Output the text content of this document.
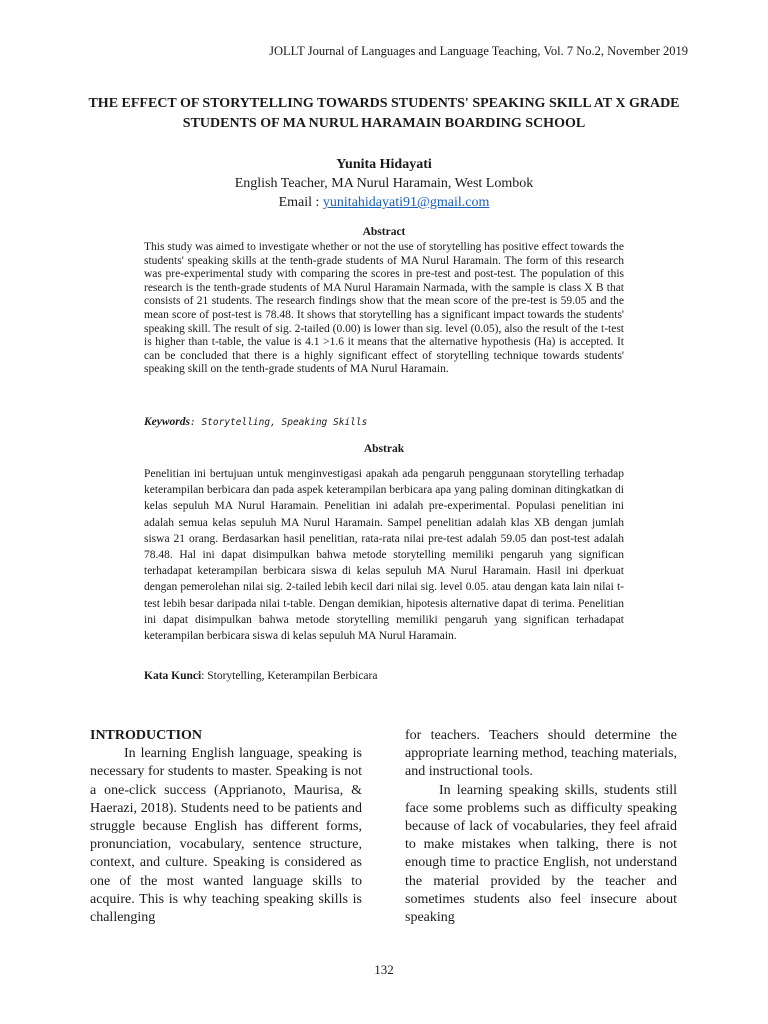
JOLLT Journal of Languages and Language Teaching, Vol. 7 No.2, November 2019
THE EFFECT OF STORYTELLING TOWARDS STUDENTS' SPEAKING SKILL AT X GRADE STUDENTS OF MA NURUL HARAMAIN BOARDING SCHOOL
Yunita Hidayati
English Teacher, MA Nurul Haramain, West Lombok
Email : yunitahidayati91@gmail.com
Abstract
This study was aimed to investigate whether or not the use of storytelling has positive effect towards the students' speaking skills at the tenth-grade students of MA Nurul Haramain. The form of this research was pre-experimental study with comparing the scores in pre-test and post-test. The population of this research is the tenth-grade students of MA Nurul Haramain Narmada, with the sample is class X B that consists of 21 students. The research findings show that the mean score of the pre-test is 59.05 and the mean score of post-test is 78.48. It shows that storytelling has a significant impact towards the students' speaking skill. The result of sig. 2-tailed (0.00) is lower than sig. level (0.05), also the result of the t-test is higher than t-table, the value is 4.1 >1.6 it means that the alternative hypothesis (Ha) is accepted. It can be concluded that there is a highly significant effect of storytelling technique towards students' speaking skill on the tenth-grade students of MA Nurul Haramain.
Keywords: Storytelling, Speaking Skills
Abstrak
Penelitian ini bertujuan untuk menginvestigasi apakah ada pengaruh penggunaan storytelling terhadap keterampilan berbicara dan pada aspek keterampilan berbicara apa yang paling dominan ditingkatkan di kelas sepuluh MA Nurul Haramain. Penelitian ini adalah pre-experimental. Populasi penelitian ini adalah semua kelas sepuluh MA Nurul Haramain. Sampel penelitian adalah klas XB dengan jumlah siswa 21 orang. Berdasarkan hasil penelitian, rata-rata nilai pre-test adalah 59.05 dan post-test adalah 78.48. Hal ini dapat disimpulkan bahwa metode storytelling memiliki pengaruh yang significan terhadapat keterampilan berbicara siswa di kelas sepuluh MA Nurul Haramain. Hasil ini dperkuat dengan pemerolehan nilai sig. 2-tailed lebih kecil dari nilai sig. level 0.05. atau dengan kata lain nilai t-test lebih besar daripada nilai t-table. Dengan demikian, hipotesis alternative dapat di terima. Penelitian ini dapat disimpulkan bahwa metode storytelling memiliki pengaruh yang significan terhadapat keterampilan berbicara siswa di kelas sepuluh MA Nurul Haramain.
Kata Kunci: Storytelling, Keterampilan Berbicara

INTRODUCTION

In learning English language, speaking is necessary for students to master. Speaking is not a one-click success (Apprianoto, Maurisa, & Haerazi, 2018). Students need to be patients and struggle because English has different forms, pronunciation, vocabulary, sentence structure, context, and culture. Speaking is considered as one of the most wanted language skills to acquire. This is why teaching speaking skills is challenging

for teachers. Teachers should determine the appropriate learning method, teaching materials, and instructional tools.

In learning speaking skills, students still face some problems such as difficulty speaking because of lack of vocabularies, they feel afraid to make mistakes when talking, there is not enough time to practice English, not understand the material provided by the teacher and sometimes students also feel insecure about speaking

132
